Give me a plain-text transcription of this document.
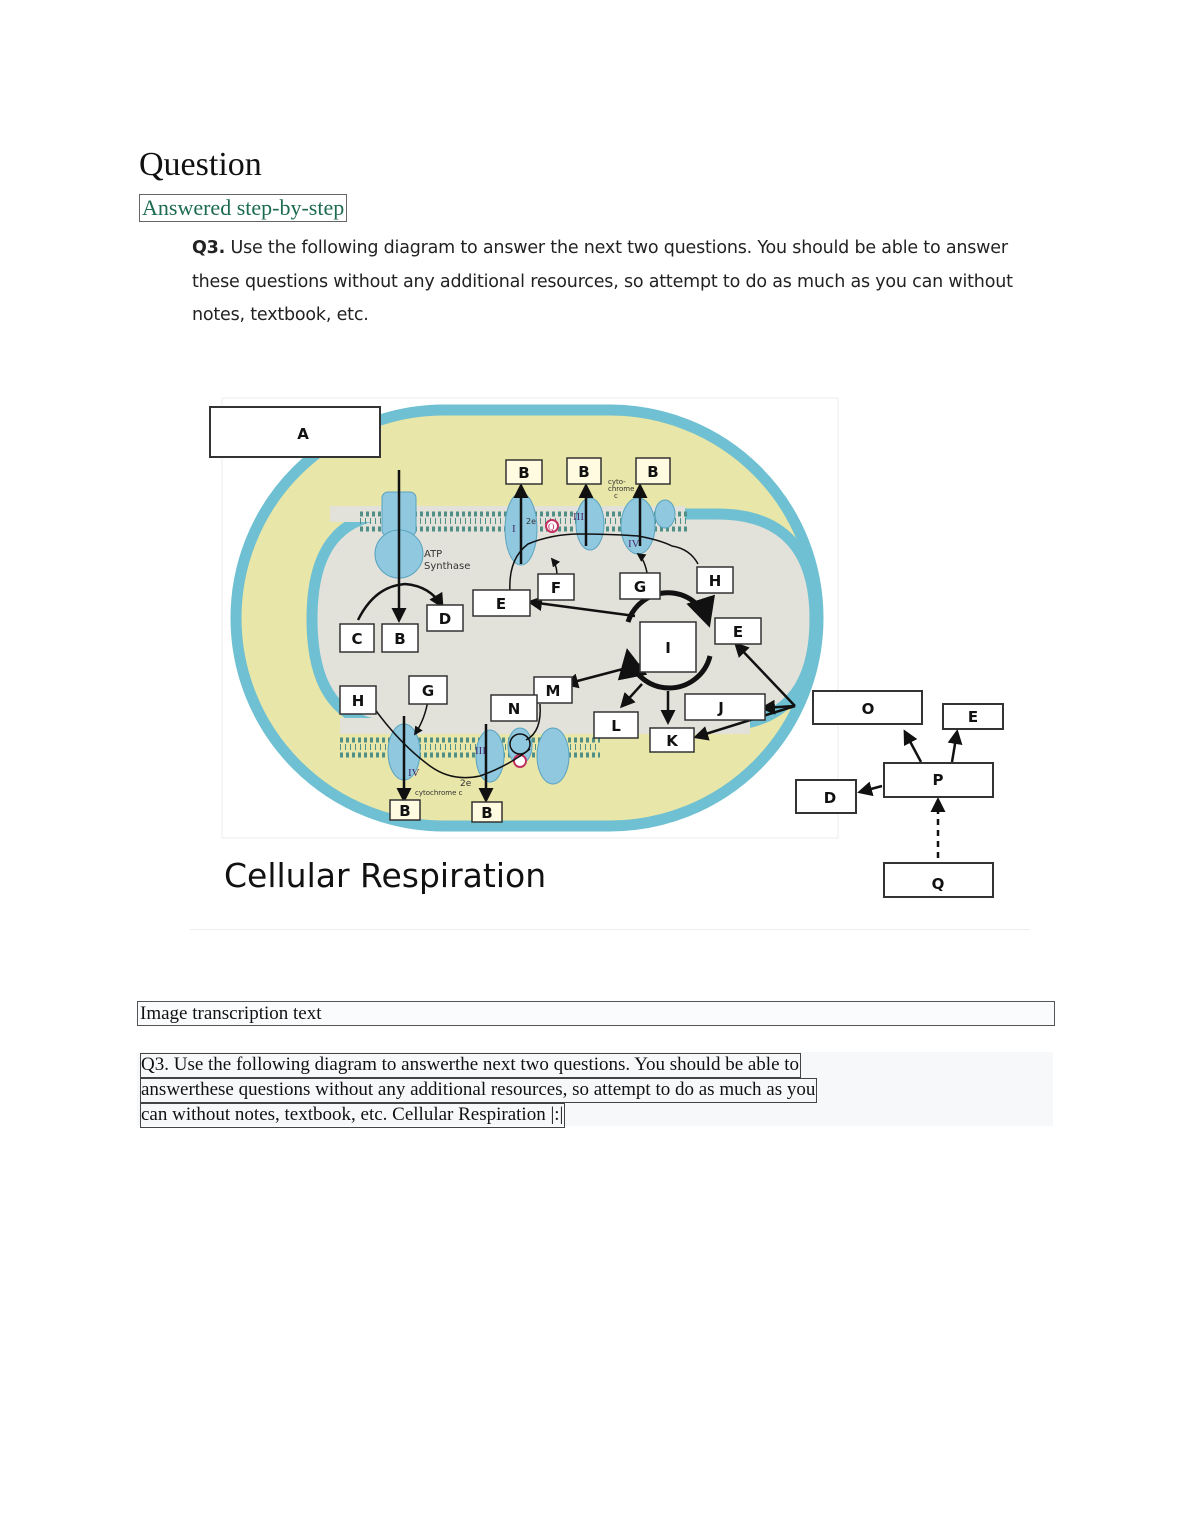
Question
Answered step-by-step
Q3. Use the following diagram to answer the next two questions. You should be able to answer these questions without any additional resources, so attempt to do as much as you can without notes, textbook, etc.
ATP
Synthase
Q
I
III
IV
2e
cyto-
chrome
c
III
IV
2e
cytochrome c
A
B	B	B
F	G	H
E
D
C B	I
E
H
G	M
N
L
J
K
B	B
O	E
P
D
Q
Cellular Respiration
Image transcription text
Q3. Use the following diagram to answerthe next two questions. You should be able to
answerthese questions without any additional resources, so attempt to do as much as you
can without notes, textbook, etc. Cellular Respiration |:|
